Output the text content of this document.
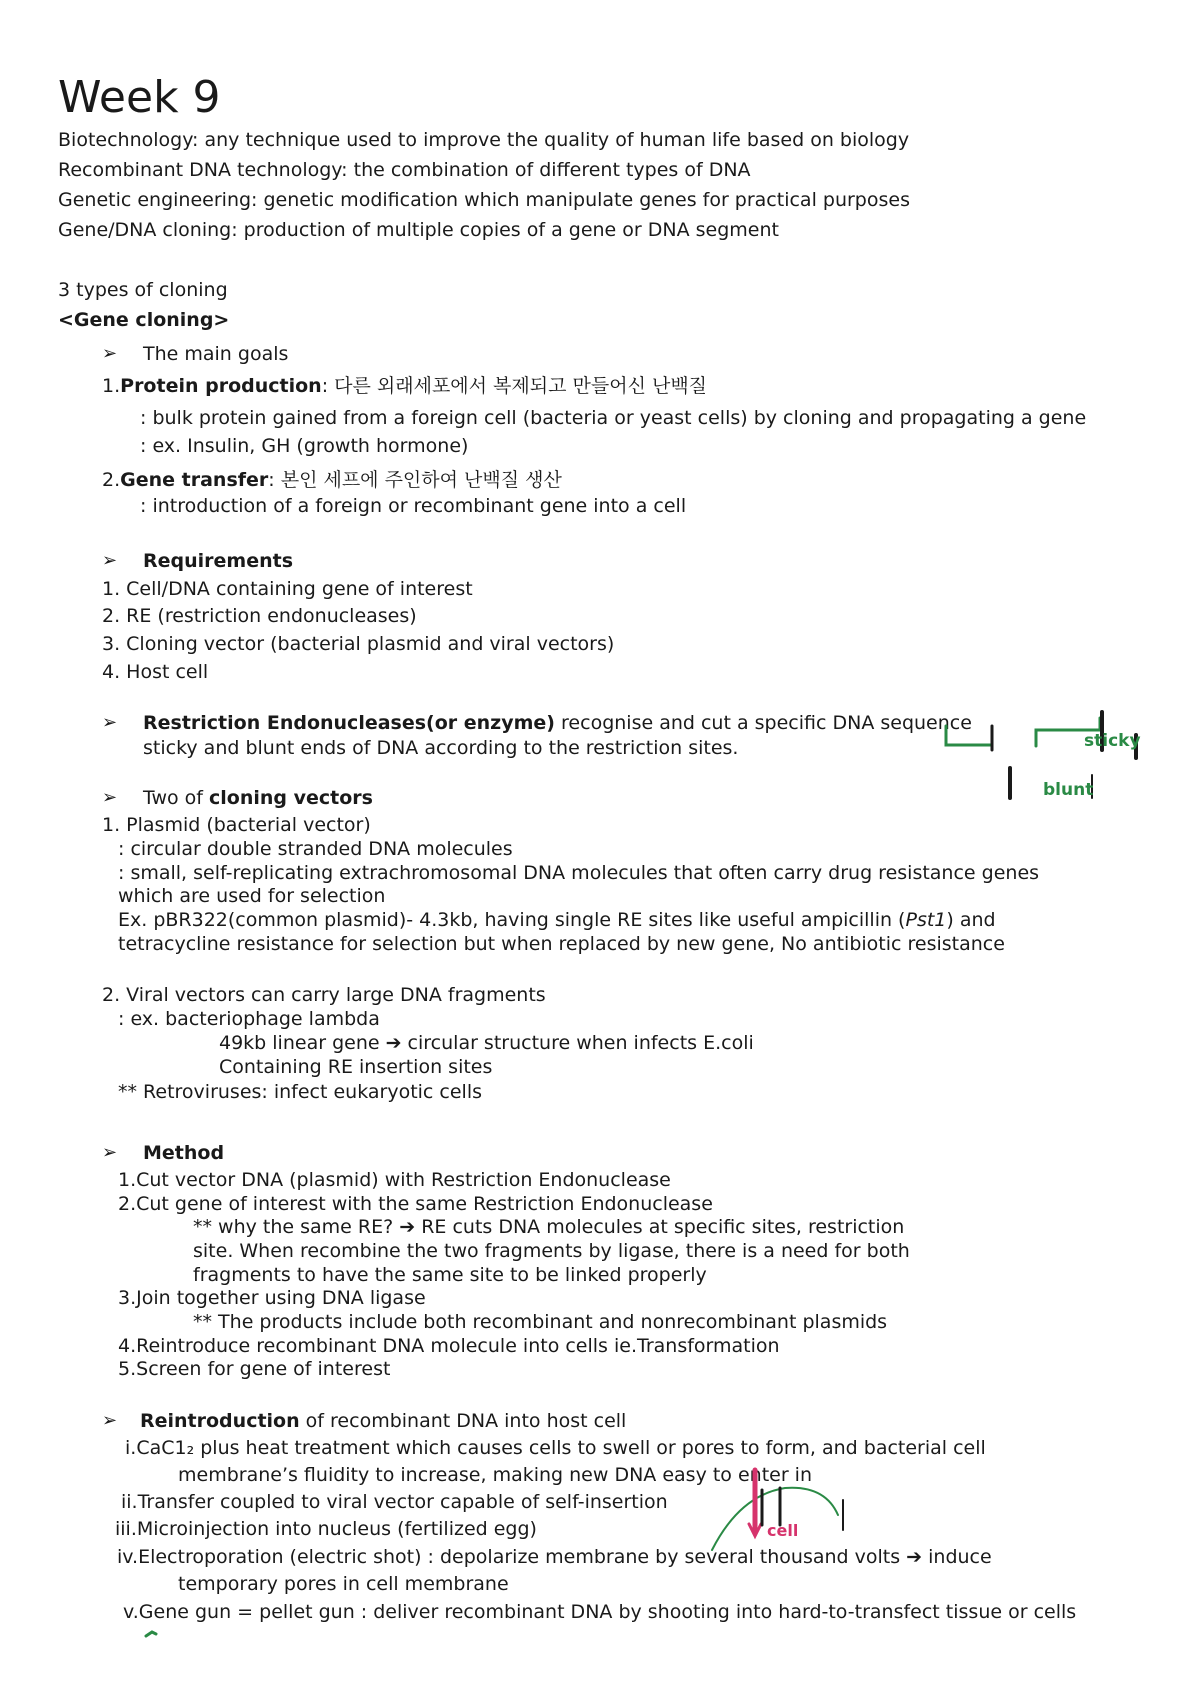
Week 9
Biotechnology: any technique used to improve the quality of human life based on biology
Recombinant DNA technology: the combination of different types of DNA
Genetic engineering: genetic modification which manipulate genes for practical purposes
Gene/DNA cloning: production of multiple copies of a gene or DNA segment
3 types of cloning
<Gene cloning>
➢ The main goals
1.Protein production: 다른 외래세포에서 복제되고 만들어신 난백질
: bulk protein gained from a foreign cell (bacteria or yeast cells) by cloning and propagating a gene
: ex. Insulin, GH (growth hormone)
2.Gene transfer: 본인 세프에 주인하여 난백질 생산
: introduction of a foreign or recombinant gene into a cell
➢ Requirements
1. Cell/DNA containing gene of interest
2. RE (restriction endonucleases)
3. Cloning vector (bacterial plasmid and viral vectors)
4. Host cell
➢ Restriction Endonucleases(or enzyme) recognise and cut a specific DNA sequence
sticky and blunt ends of DNA according to the restriction sites.
➢ Two of cloning vectors
1. Plasmid (bacterial vector)
: circular double stranded DNA molecules
: small, self-replicating extrachromosomal DNA molecules that often carry drug resistance genes
which are used for selection
Ex. pBR322(common plasmid)- 4.3kb, having single RE sites like useful ampicillin (Pst1) and
tetracycline resistance for selection but when replaced by new gene, No antibiotic resistance
2. Viral vectors can carry large DNA fragments
: ex. bacteriophage lambda
49kb linear gene ➔ circular structure when infects E.coli
Containing RE insertion sites
** Retroviruses: infect eukaryotic cells
➢ Method
1.Cut vector DNA (plasmid) with Restriction Endonuclease
2.Cut gene of interest with the same Restriction Endonuclease
** why the same RE? ➔ RE cuts DNA molecules at specific sites, restriction
site. When recombine the two fragments by ligase, there is a need for both
fragments to have the same site to be linked properly
3.Join together using DNA ligase
** The products include both recombinant and nonrecombinant plasmids
4.Reintroduce recombinant DNA molecule into cells ie.Transformation
5.Screen for gene of interest
➢ Reintroduction of recombinant DNA into host cell
i.CaC1₂ plus heat treatment which causes cells to swell or pores to form, and bacterial cell
membrane’s fluidity to increase, making new DNA easy to enter in
ii.Transfer coupled to viral vector capable of self-insertion
iii.Microinjection into nucleus (fertilized egg)
iv.Electroporation (electric shot) : depolarize membrane by several thousand volts ➔ induce
temporary pores in cell membrane
v.Gene gun = pellet gun : deliver recombinant DNA by shooting into hard-to-transfect tissue or cells
sticky
blunt
cell
